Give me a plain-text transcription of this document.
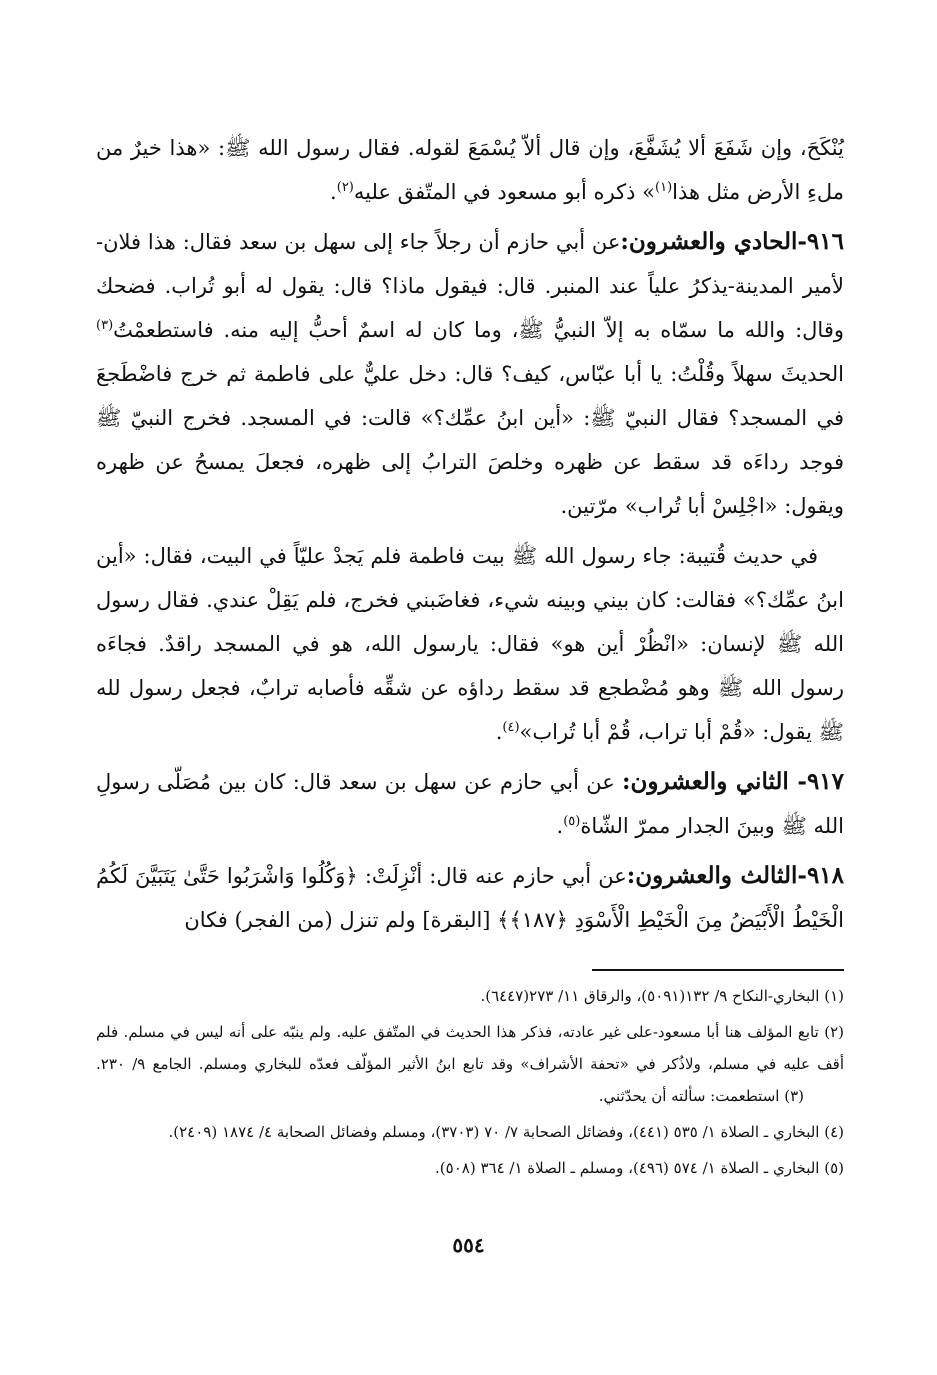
يُنْكَحَ، وإن شَفَعَ ألا يُشَفَّعَ، وإن قال ألاّ يُسْمَعَ لقوله. فقال رسول الله ﷺ: «هذا خيرٌ من ملءِ الأرض مثل هذا$^{(١)}$» ذكره أبو مسعود في المتّفق عليه$^{(٢)}$.

٩١٦-الحادي والعشرون:عن أبي حازم أن رجلاً جاء إلى سهل بن سعد فقال: هذا فلان-لأمير المدينة-يذكرُ علياً عند المنبر. قال: فيقول ماذا؟ قال: يقول له أبو تُراب. فضحك وقال: والله ما سمّاه به إلاّ النبيُّ ﷺ، وما كان له اسمٌ أحبُّ إليه منه. فاستطعمْتُ$^{(٣)}$ الحديثَ سهلاً وقُلْتُ: يا أبا عبّاس، كيف؟ قال: دخل عليٌّ على فاطمة ثم خرج فاضْطَجعَ في المسجد؟ فقال النبيّ ﷺ: «أين ابنُ عمِّك؟» قالت: في المسجد. فخرج النبيّ ﷺ فوجد رداءَه قد سقط عن ظهره وخلصَ الترابُ إلى ظهره، فجعلَ يمسحُ عن ظهره ويقول: «اجْلِسْ أبا تُراب» مرّتين.

في حديث قُتيبة: جاء رسول الله ﷺ بيت فاطمة فلم يَجدْ عليّاً في البيت، فقال: «أين ابنُ عمِّك؟» فقالت: كان بيني وبينه شيء، فغاضَبني فخرج، فلم يَقِلْ عندي. فقال رسول الله ﷺ لإنسان: «انْظُرْ أين هو» فقال: يارسول الله، هو في المسجد راقدٌ. فجاءَه رسول الله ﷺ وهو مُضْطجع قد سقط رداؤه عن شقِّه فأصابه ترابٌ، فجعل رسول لله ﷺ يقول: «قُمْ أبا تراب، قُمْ أبا تُراب»$^{(٤)}$.

٩١٧- الثاني والعشرون: عن أبي حازم عن سهل بن سعد قال: كان بين مُصَلّى رسولِ الله ﷺ وبينَ الجدار ممرّ الشّاة$^{(٥)}$.

٩١٨-الثالث والعشرون:عن أبي حازم عنه قال: أنْزِلَتْ: ﴿وَكُلُوا وَاشْرَبُوا حَتَّىٰ يَتَبَيَّنَ لَكُمُ الْخَيْطُ الْأَبْيَضُ مِنَ الْخَيْطِ الْأَسْوَدِ ﴿١٨٧﴾﴾ [البقرة] ولم تنزل (من الفجر) فكان

(١) البخاري-النكاح ٩/ ١٣٢(٥٠٩١)، والرقاق ١١/ ٢٧٣(٦٤٤٧).

(٢) تابع المؤلف هنا أبا مسعود-على غير عادته، فذكر هذا الحديث في المتّفق عليه. ولم ينبّه على أنه ليس في مسلم. فلم أقف عليه في مسلم، ولاذُكر في «تحفة الأشراف» وقد تابع ابنُ الأثير المؤلّف فعدّه للبخاري ومسلم. الجامع ٩/ ٢٣٠.(٣) استطعمت: سألته أن يحدّثني.

(٤) البخاري ـ الصلاة ١/ ٥٣٥ (٤٤١)، وفضائل الصحابة ٧/ ٧٠ (٣٧٠٣)، ومسلم وفضائل الصحابة ٤/ ١٨٧٤ (٢٤٠٩).

(٥) البخاري ـ الصلاة ١/ ٥٧٤ (٤٩٦)، ومسلم ـ الصلاة ١/ ٣٦٤ (٥٠٨).

٥٥٤
